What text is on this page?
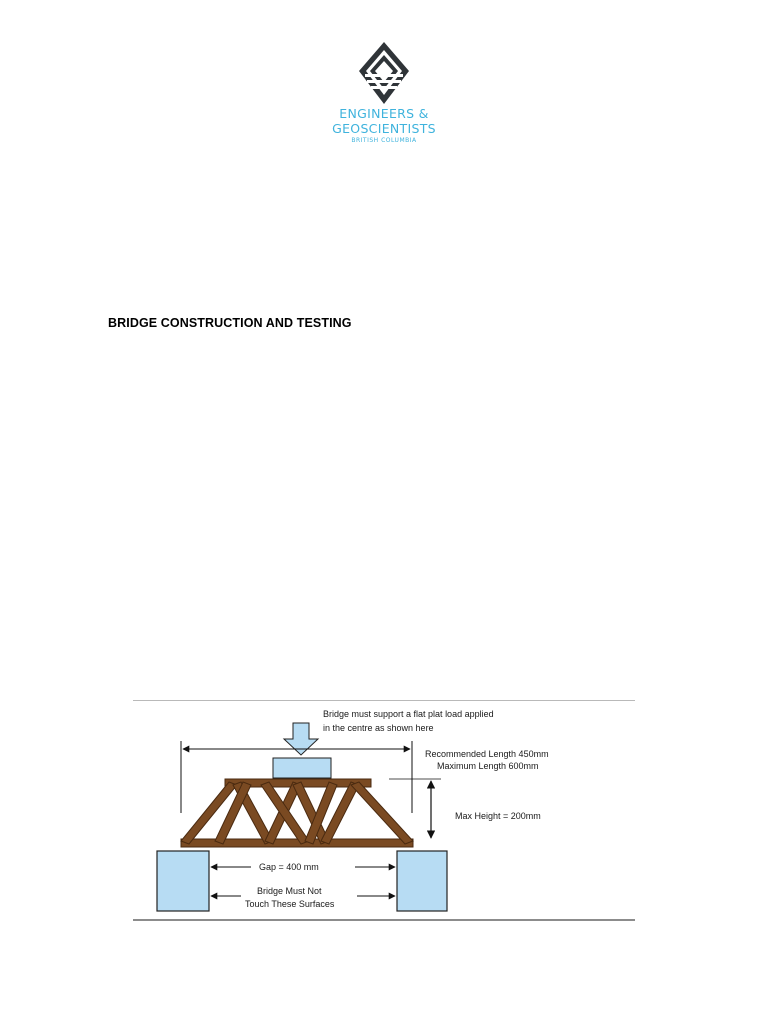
ENGINEERS &
GEOSCIENTISTS
BRITISH COLUMBIA
BRIDGE CONSTRUCTION AND TESTING
Bridge must support a flat plat load applied
in the centre as shown here
Recommended Length 450mm
Maximum Length 600mm
Max Height = 200mm
Gap = 400 mm
Bridge Must Not
Touch These Surfaces
